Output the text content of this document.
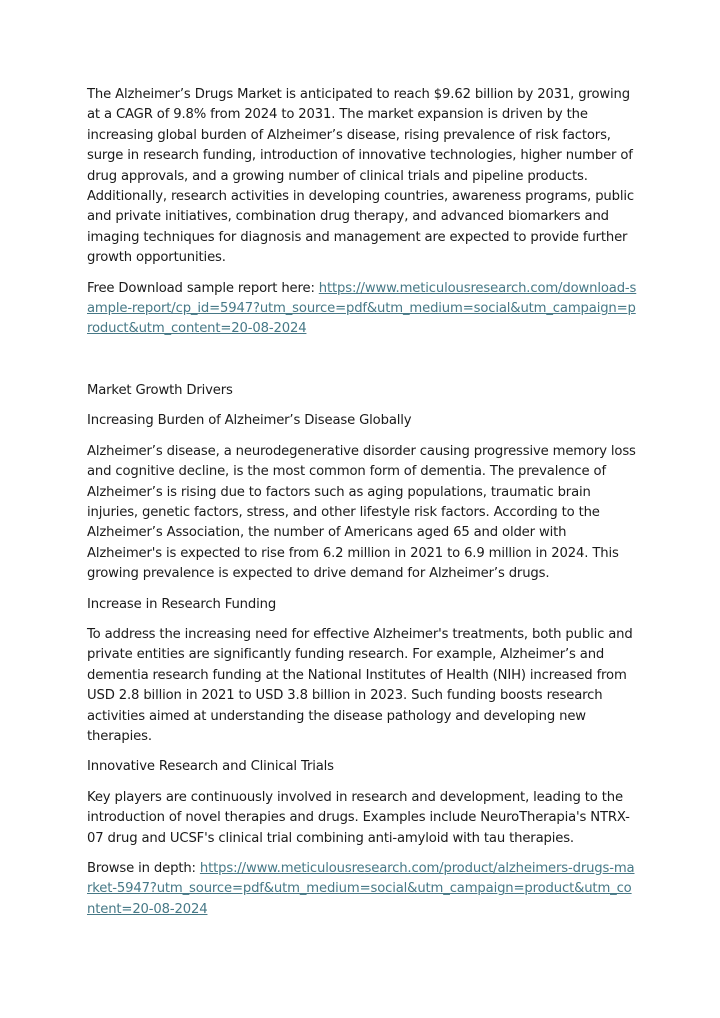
The Alzheimer’s Drugs Market is anticipated to reach $9.62 billion by 2031, growing at a CAGR of 9.8% from 2024 to 2031. The market expansion is driven by the increasing global burden of Alzheimer’s disease, rising prevalence of risk factors, surge in research funding, introduction of innovative technologies, higher number of drug approvals, and a growing number of clinical trials and pipeline products. Additionally, research activities in developing countries, awareness programs, public and private initiatives, combination drug therapy, and advanced biomarkers and imaging techniques for diagnosis and management are expected to provide further growth opportunities.

Free Download sample report here: https://www.meticulousresearch.com/download-sample-report/cp_id=5947?utm_source=pdf&utm_medium=social&utm_campaign=product&utm_content=20-08-2024

Market Growth Drivers

Increasing Burden of Alzheimer’s Disease Globally

Alzheimer’s disease, a neurodegenerative disorder causing progressive memory loss and cognitive decline, is the most common form of dementia. The prevalence of Alzheimer’s is rising due to factors such as aging populations, traumatic brain injuries, genetic factors, stress, and other lifestyle risk factors. According to the Alzheimer’s Association, the number of Americans aged 65 and older with Alzheimer's is expected to rise from 6.2 million in 2021 to 6.9 million in 2024. This growing prevalence is expected to drive demand for Alzheimer’s drugs.

Increase in Research Funding

To address the increasing need for effective Alzheimer's treatments, both public and private entities are significantly funding research. For example, Alzheimer’s and dementia research funding at the National Institutes of Health (NIH) increased from USD 2.8 billion in 2021 to USD 3.8 billion in 2023. Such funding boosts research activities aimed at understanding the disease pathology and developing new therapies.

Innovative Research and Clinical Trials

Key players are continuously involved in research and development, leading to the introduction of novel therapies and drugs. Examples include NeuroTherapia's NTRX-07 drug and UCSF's clinical trial combining anti-amyloid with tau therapies.

Browse in depth: https://www.meticulousresearch.com/product/alzheimers-drugs-market-5947?utm_source=pdf&utm_medium=social&utm_campaign=product&utm_content=20-08-2024
